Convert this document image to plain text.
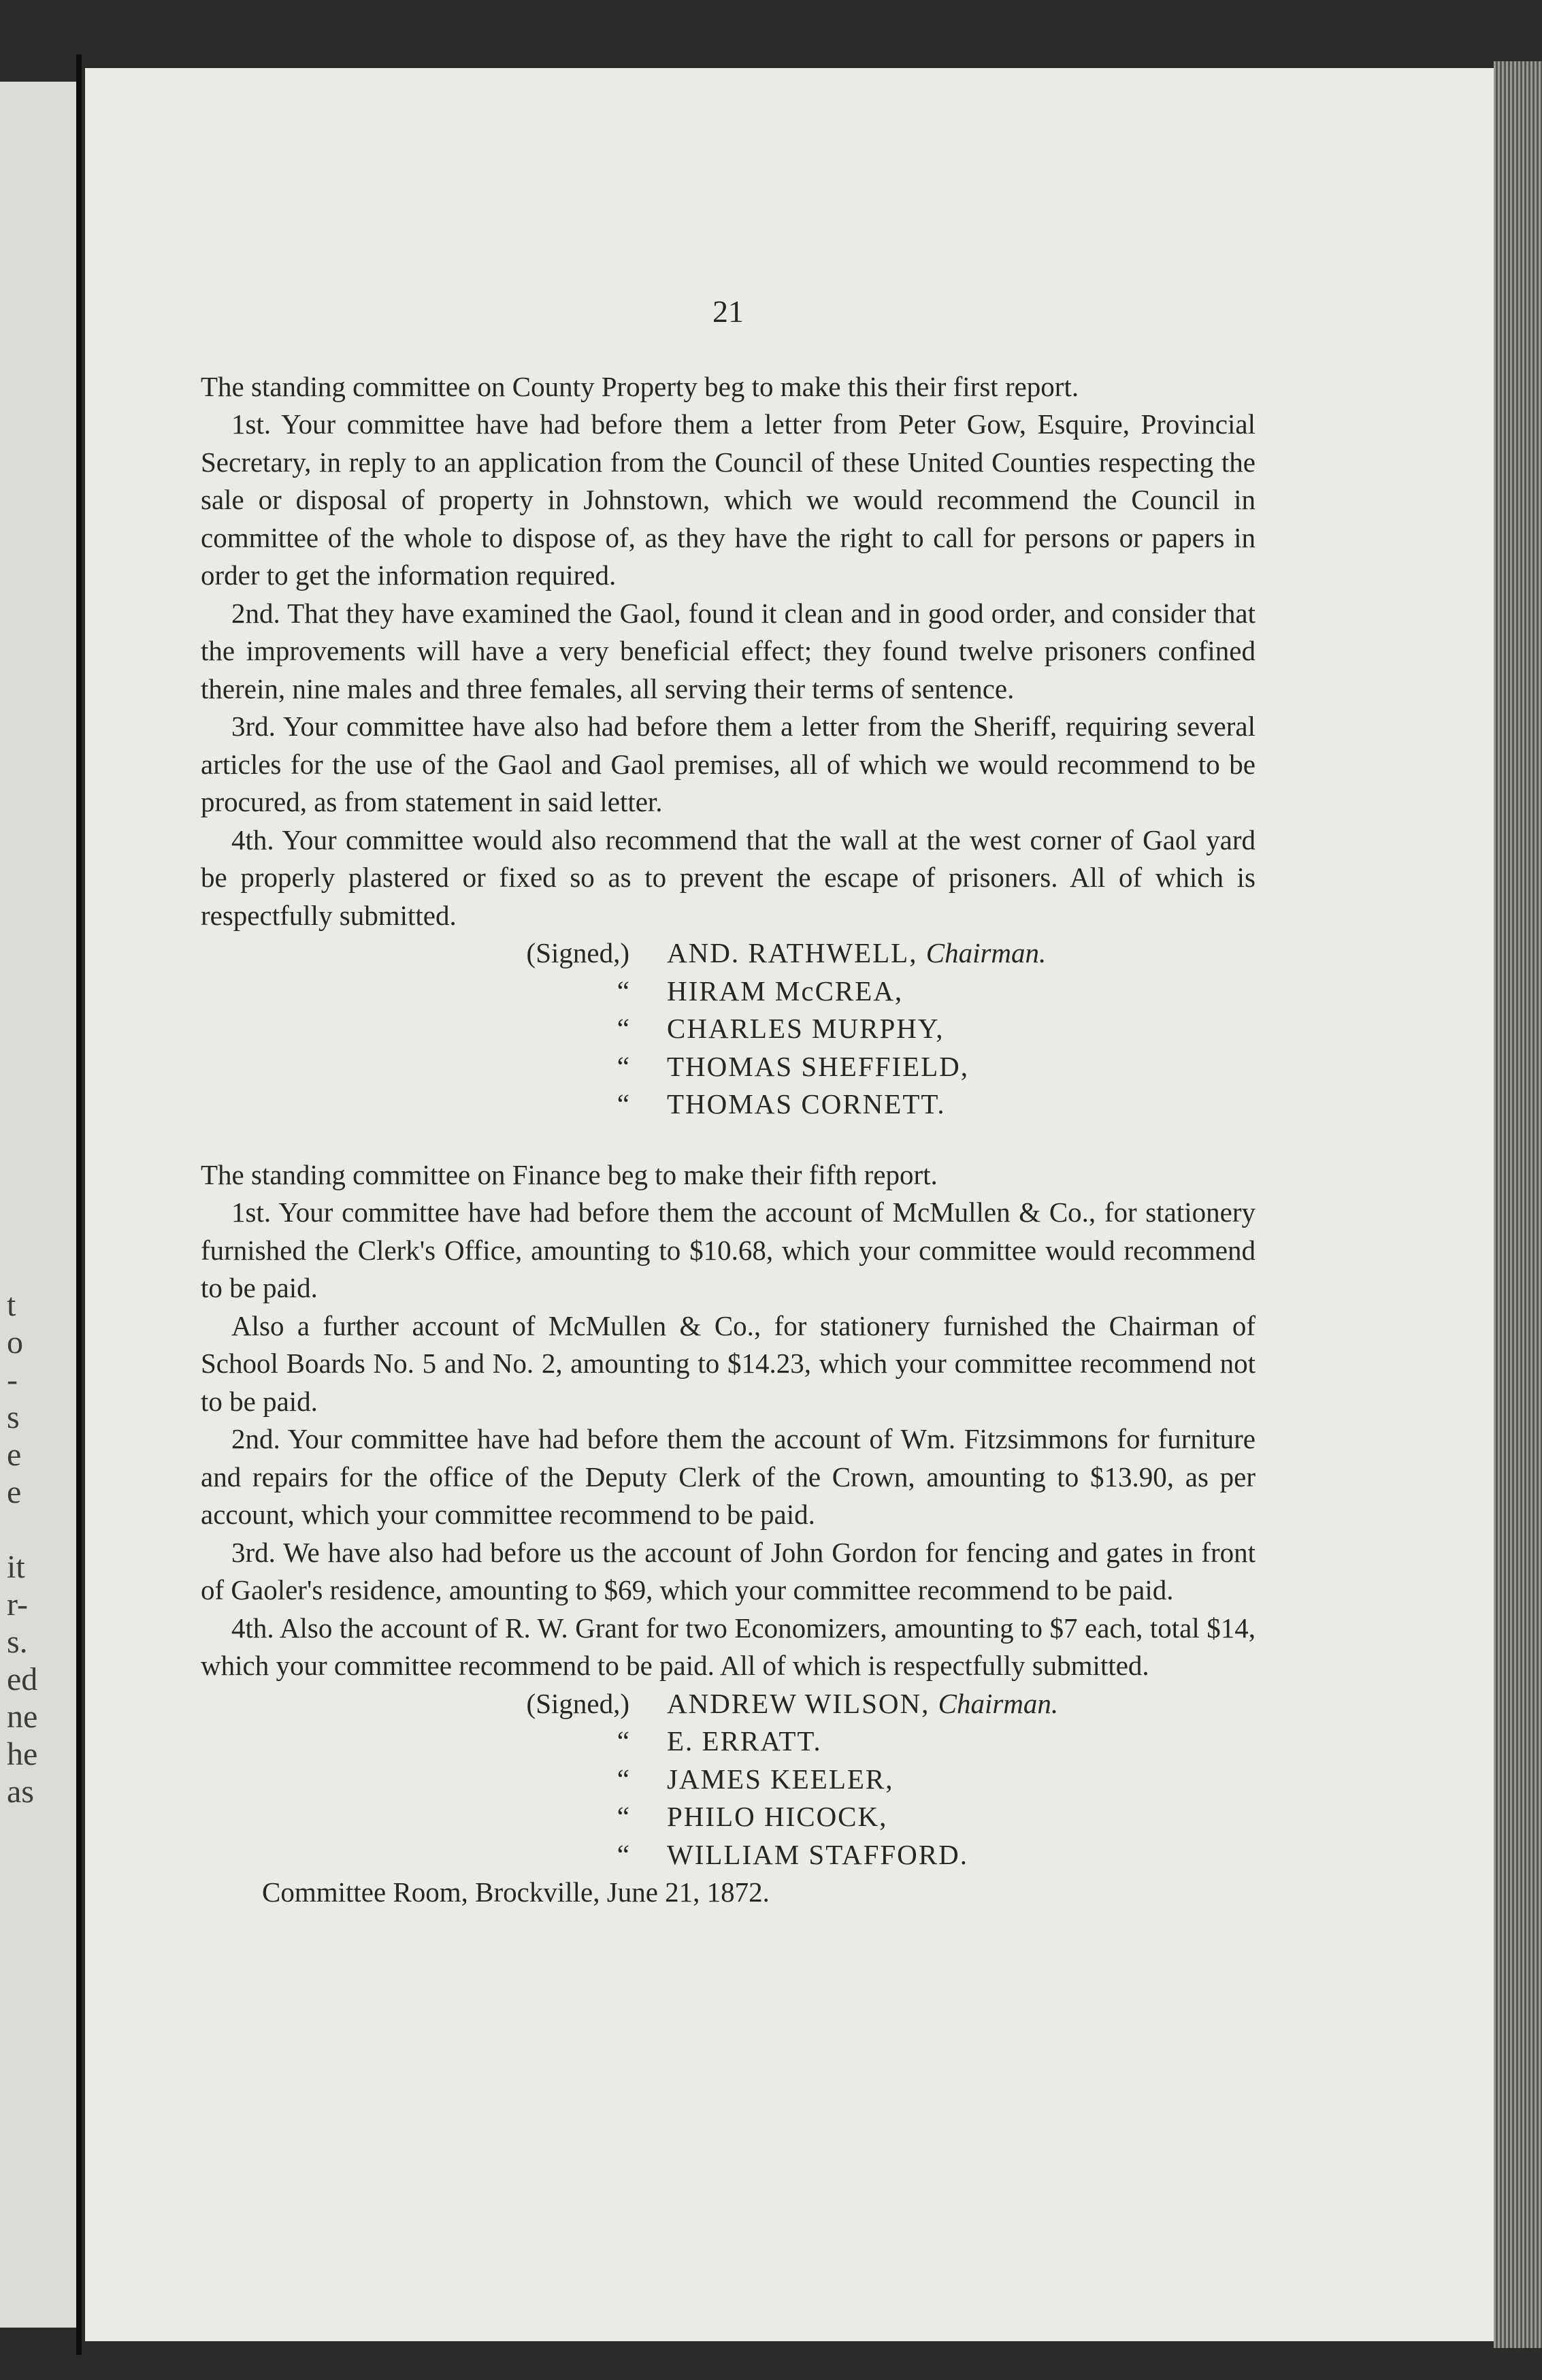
t
o
-
s
e
e
it
r-
s.
ed
ne
he
as
21

The standing committee on County Property beg to make this their first report.

1st. Your committee have had before them a letter from Peter Gow, Esquire, Provincial Secretary, in reply to an application from the Council of these United Counties respecting the sale or disposal of property in Johnstown, which we would recommend the Council in committee of the whole to dispose of, as they have the right to call for persons or papers in order to get the information required.

2nd. That they have examined the Gaol, found it clean and in good order, and consider that the improvements will have a very beneficial effect; they found twelve prisoners confined therein, nine males and three females, all serving their terms of sentence.

3rd. Your committee have also had before them a letter from the Sheriff, requiring several articles for the use of the Gaol and Gaol premises, all of which we would recommend to be procured, as from statement in said letter.

4th. Your committee would also recommend that the wall at the west corner of Gaol yard be properly plastered or fixed so as to prevent the escape of prisoners. All of which is respectfully submitted.

(Signed,)	AND. RATHWELL, Chairman.
“	HIRAM McCREA,
“	CHARLES MURPHY,
“	THOMAS SHEFFIELD,
“	THOMAS CORNETT.

The standing committee on Finance beg to make their fifth report.

1st. Your committee have had before them the account of McMullen & Co., for stationery furnished the Clerk's Office, amounting to $10.68, which your committee would recommend to be paid.

Also a further account of McMullen & Co., for stationery furnished the Chairman of School Boards No. 5 and No. 2, amounting to $14.23, which your committee recommend not to be paid.

2nd. Your committee have had before them the account of Wm. Fitzsimmons for furniture and repairs for the office of the Deputy Clerk of the Crown, amounting to $13.90, as per account, which your committee recommend to be paid.

3rd. We have also had before us the account of John Gordon for fencing and gates in front of Gaoler's residence, amounting to $69, which your committee recommend to be paid.

4th. Also the account of R. W. Grant for two Economizers, amounting to $7 each, total $14, which your committee recommend to be paid. All of which is respectfully submitted.

(Signed,)	ANDREW WILSON, Chairman.
“	E. ERRATT.
“	JAMES KEELER,
“	PHILO HICOCK,
“	WILLIAM STAFFORD.

Committee Room, Brockville, June 21, 1872.
